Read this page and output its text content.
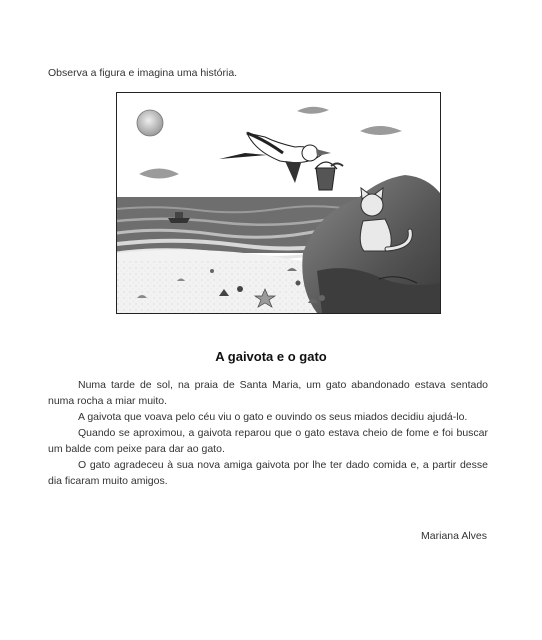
Observa a figura e imagina uma história.
A gaivota e o gato

Numa tarde de sol, na praia de Santa Maria, um gato abandonado estava sentado numa rocha a miar muito.

A gaivota que voava pelo céu viu o gato e ouvindo os seus miados decidiu ajudá-lo.

Quando se aproximou, a gaivota reparou que o gato estava cheio de fome e foi buscar um balde com peixe para dar ao gato.

O gato agradeceu à sua nova amiga gaivota por lhe ter dado comida e, a partir desse dia ficaram muito amigos.

Mariana Alves
